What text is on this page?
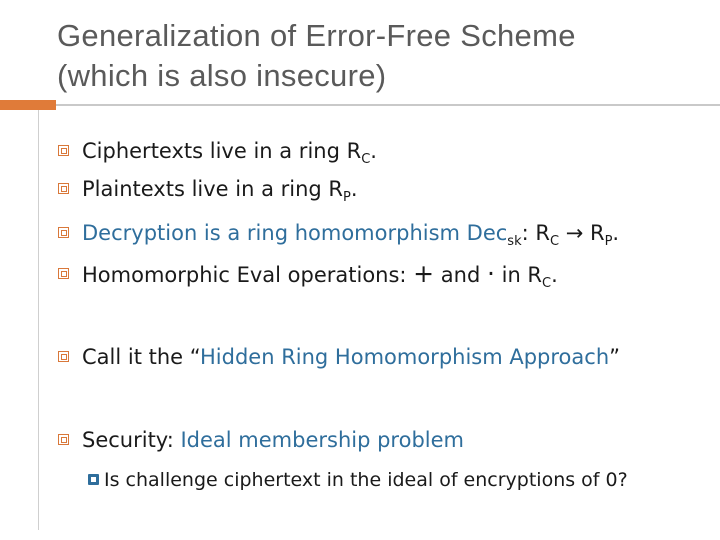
Generalization of Error-Free Scheme
(which is also insecure)
Ciphertexts live in a ring $R_C$.
Plaintexts live in a ring $R_P$.
Decryption is a ring homomorphism Dec$_{sk}$: $R_C \to R_P$.
Homomorphic Eval operations: + and · in $R_C$.
Call it the “Hidden Ring Homomorphism Approach”
Security: Ideal membership problem
Is challenge ciphertext in the ideal of encryptions of 0?
